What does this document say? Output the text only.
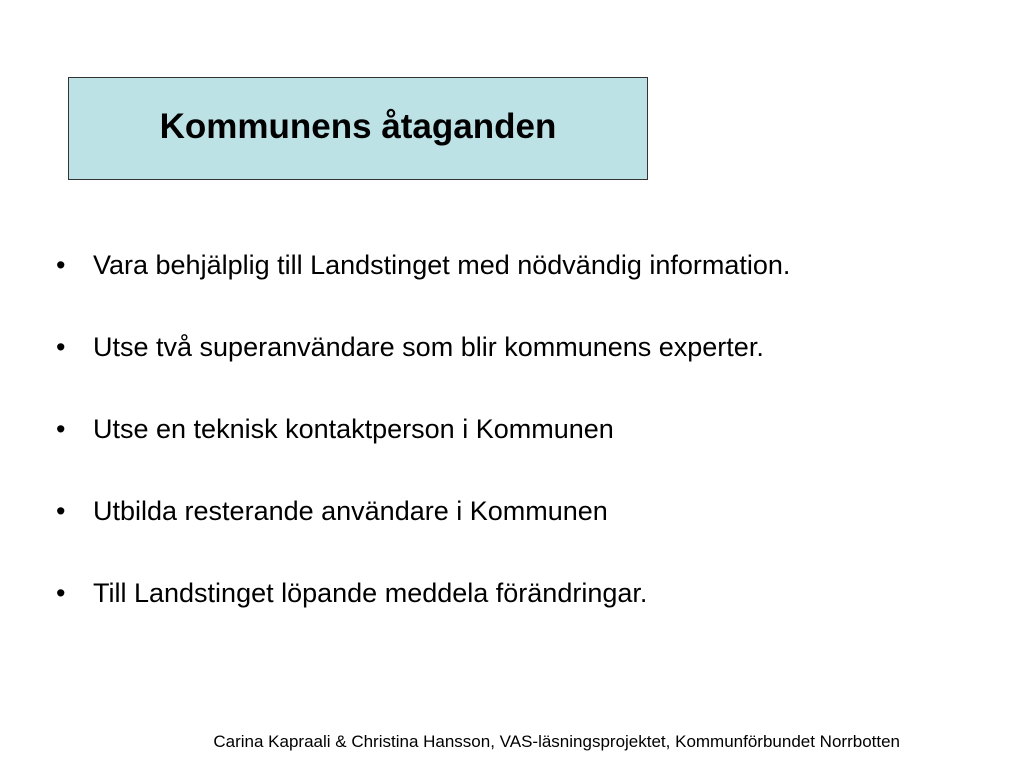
Kommunens åtaganden
•	Vara behjälplig till Landstinget med nödvändig information.
•	Utse två superanvändare som blir kommunens experter.
•	Utse en teknisk kontaktperson i Kommunen
•	Utbilda resterande användare i Kommunen
•	Till Landstinget löpande meddela förändringar.
Carina Kapraali & Christina Hansson, VAS-läsningsprojektet, Kommunförbundet Norrbotten
